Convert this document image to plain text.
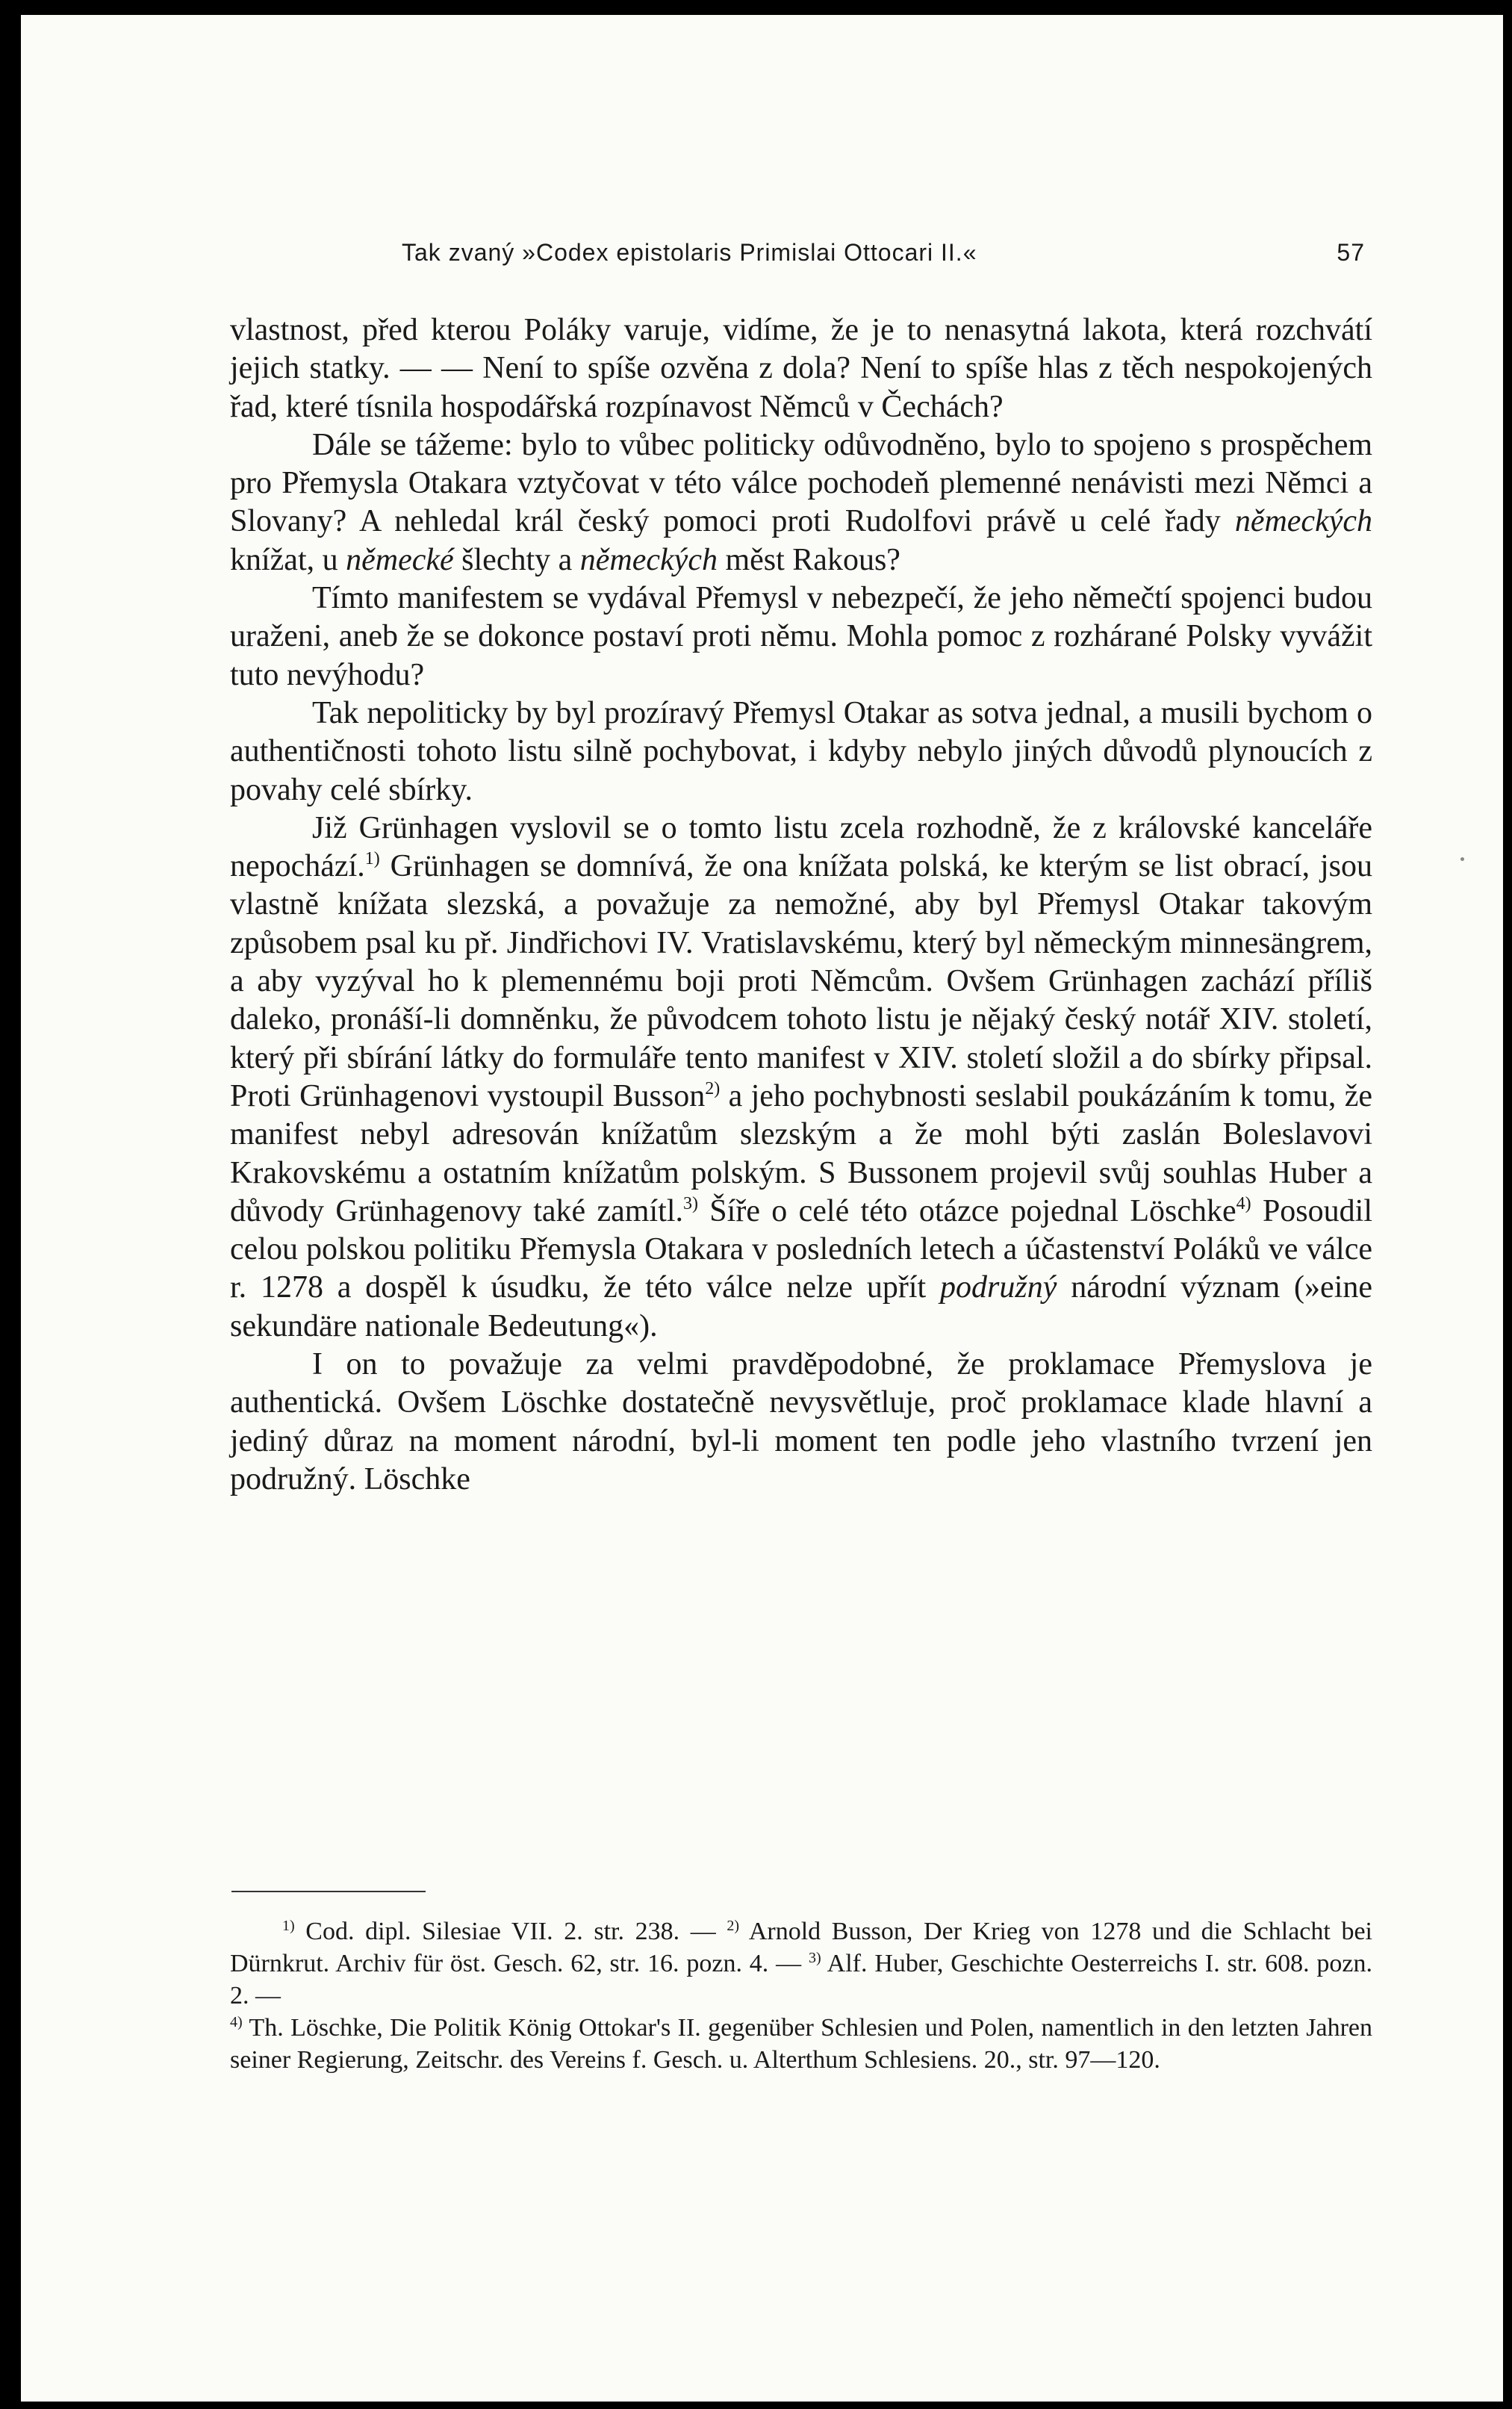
Tak zvaný »Codex epistolaris Primislai Ottocari II.«	57

vlastnost, před kterou Poláky varuje, vidíme, že je to nenasytná lakota, která rozchvátí jejich statky. — — Není to spíše ozvěna z dola? Není to spíše hlas z těch nespokojených řad, které tísnila hospodářská rozpínavost Němců v Čechách?

Dále se tážeme: bylo to vůbec politicky odůvodněno, bylo to spojeno s prospěchem pro Přemysla Otakara vztyčovat v této válce pochodeň plemenné nenávisti mezi Němci a Slovany? A nehledal král český pomoci proti Rudolfovi právě u celé řady německých knížat, u německé šlechty a německých měst Rakous?

Tímto manifestem se vydával Přemysl v nebezpečí, že jeho němečtí spojenci budou uraženi, aneb že se dokonce postaví proti němu. Mohla pomoc z rozhárané Polsky vyvážit tuto nevýhodu?

Tak nepoliticky by byl prozíravý Přemysl Otakar as sotva jednal, a musili bychom o authentičnosti tohoto listu silně pochybovat, i kdyby nebylo jiných důvodů plynoucích z povahy celé sbírky.

Již Grünhagen vyslovil se o tomto listu zcela rozhodně, že z královské kanceláře nepochází.$^{1)}$ Grünhagen se domnívá, že ona knížata polská, ke kterým se list obrací, jsou vlastně knížata slezská, a považuje za nemožné, aby byl Přemysl Otakar takovým způsobem psal ku př. Jindřichovi IV. Vratislavskému, který byl německým minnesängrem, a aby vyzýval ho k plemennému boji proti Němcům. Ovšem Grünhagen zachází příliš daleko, pronáší-li domněnku, že původcem tohoto listu je nějaký český notář XIV. století, který při sbírání látky do formuláře tento manifest v XIV. století složil a do sbírky připsal. Proti Grünhagenovi vystoupil Busson$^{2)}$ a jeho pochybnosti seslabil poukázáním k tomu, že manifest nebyl adresován knížatům slezským a že mohl býti zaslán Boleslavovi Krakovskému a ostatním knížatům polským. S Bussonem projevil svůj souhlas Huber a důvody Grünhagenovy také zamítl.$^{3)}$ Šíře o celé této otázce pojednal Löschke$^{4)}$ Posoudil celou polskou politiku Přemysla Otakara v posledních letech a účastenství Poláků ve válce r. 1278 a dospěl k úsudku, že této válce nelze upřít podružný národní význam (»eine sekundäre nationale Bedeutung«).

I on to považuje za velmi pravděpodobné, že proklamace Přemyslova je authentická. Ovšem Löschke dostatečně nevysvětluje, proč proklamace klade hlavní a jediný důraz na moment národní, byl-li moment ten podle jeho vlastního tvrzení jen podružný. Löschke

$^{1)}$ Cod. dipl. Silesiae VII. 2. str. 238. — $^{2)}$ Arnold Busson, Der Krieg von 1278 und die Schlacht bei Dürnkrut. Archiv für öst. Gesch. 62, str. 16. pozn. 4. — $^{3)}$ Alf. Huber, Geschichte Oesterreichs I. str. 608. pozn. 2. —
$^{4)}$ Th. Löschke, Die Politik König Ottokar's II. gegenüber Schlesien und Polen, namentlich in den letzten Jahren seiner Regierung, Zeitschr. des Vereins f. Gesch. u. Alterthum Schlesiens. 20., str. 97—120.
